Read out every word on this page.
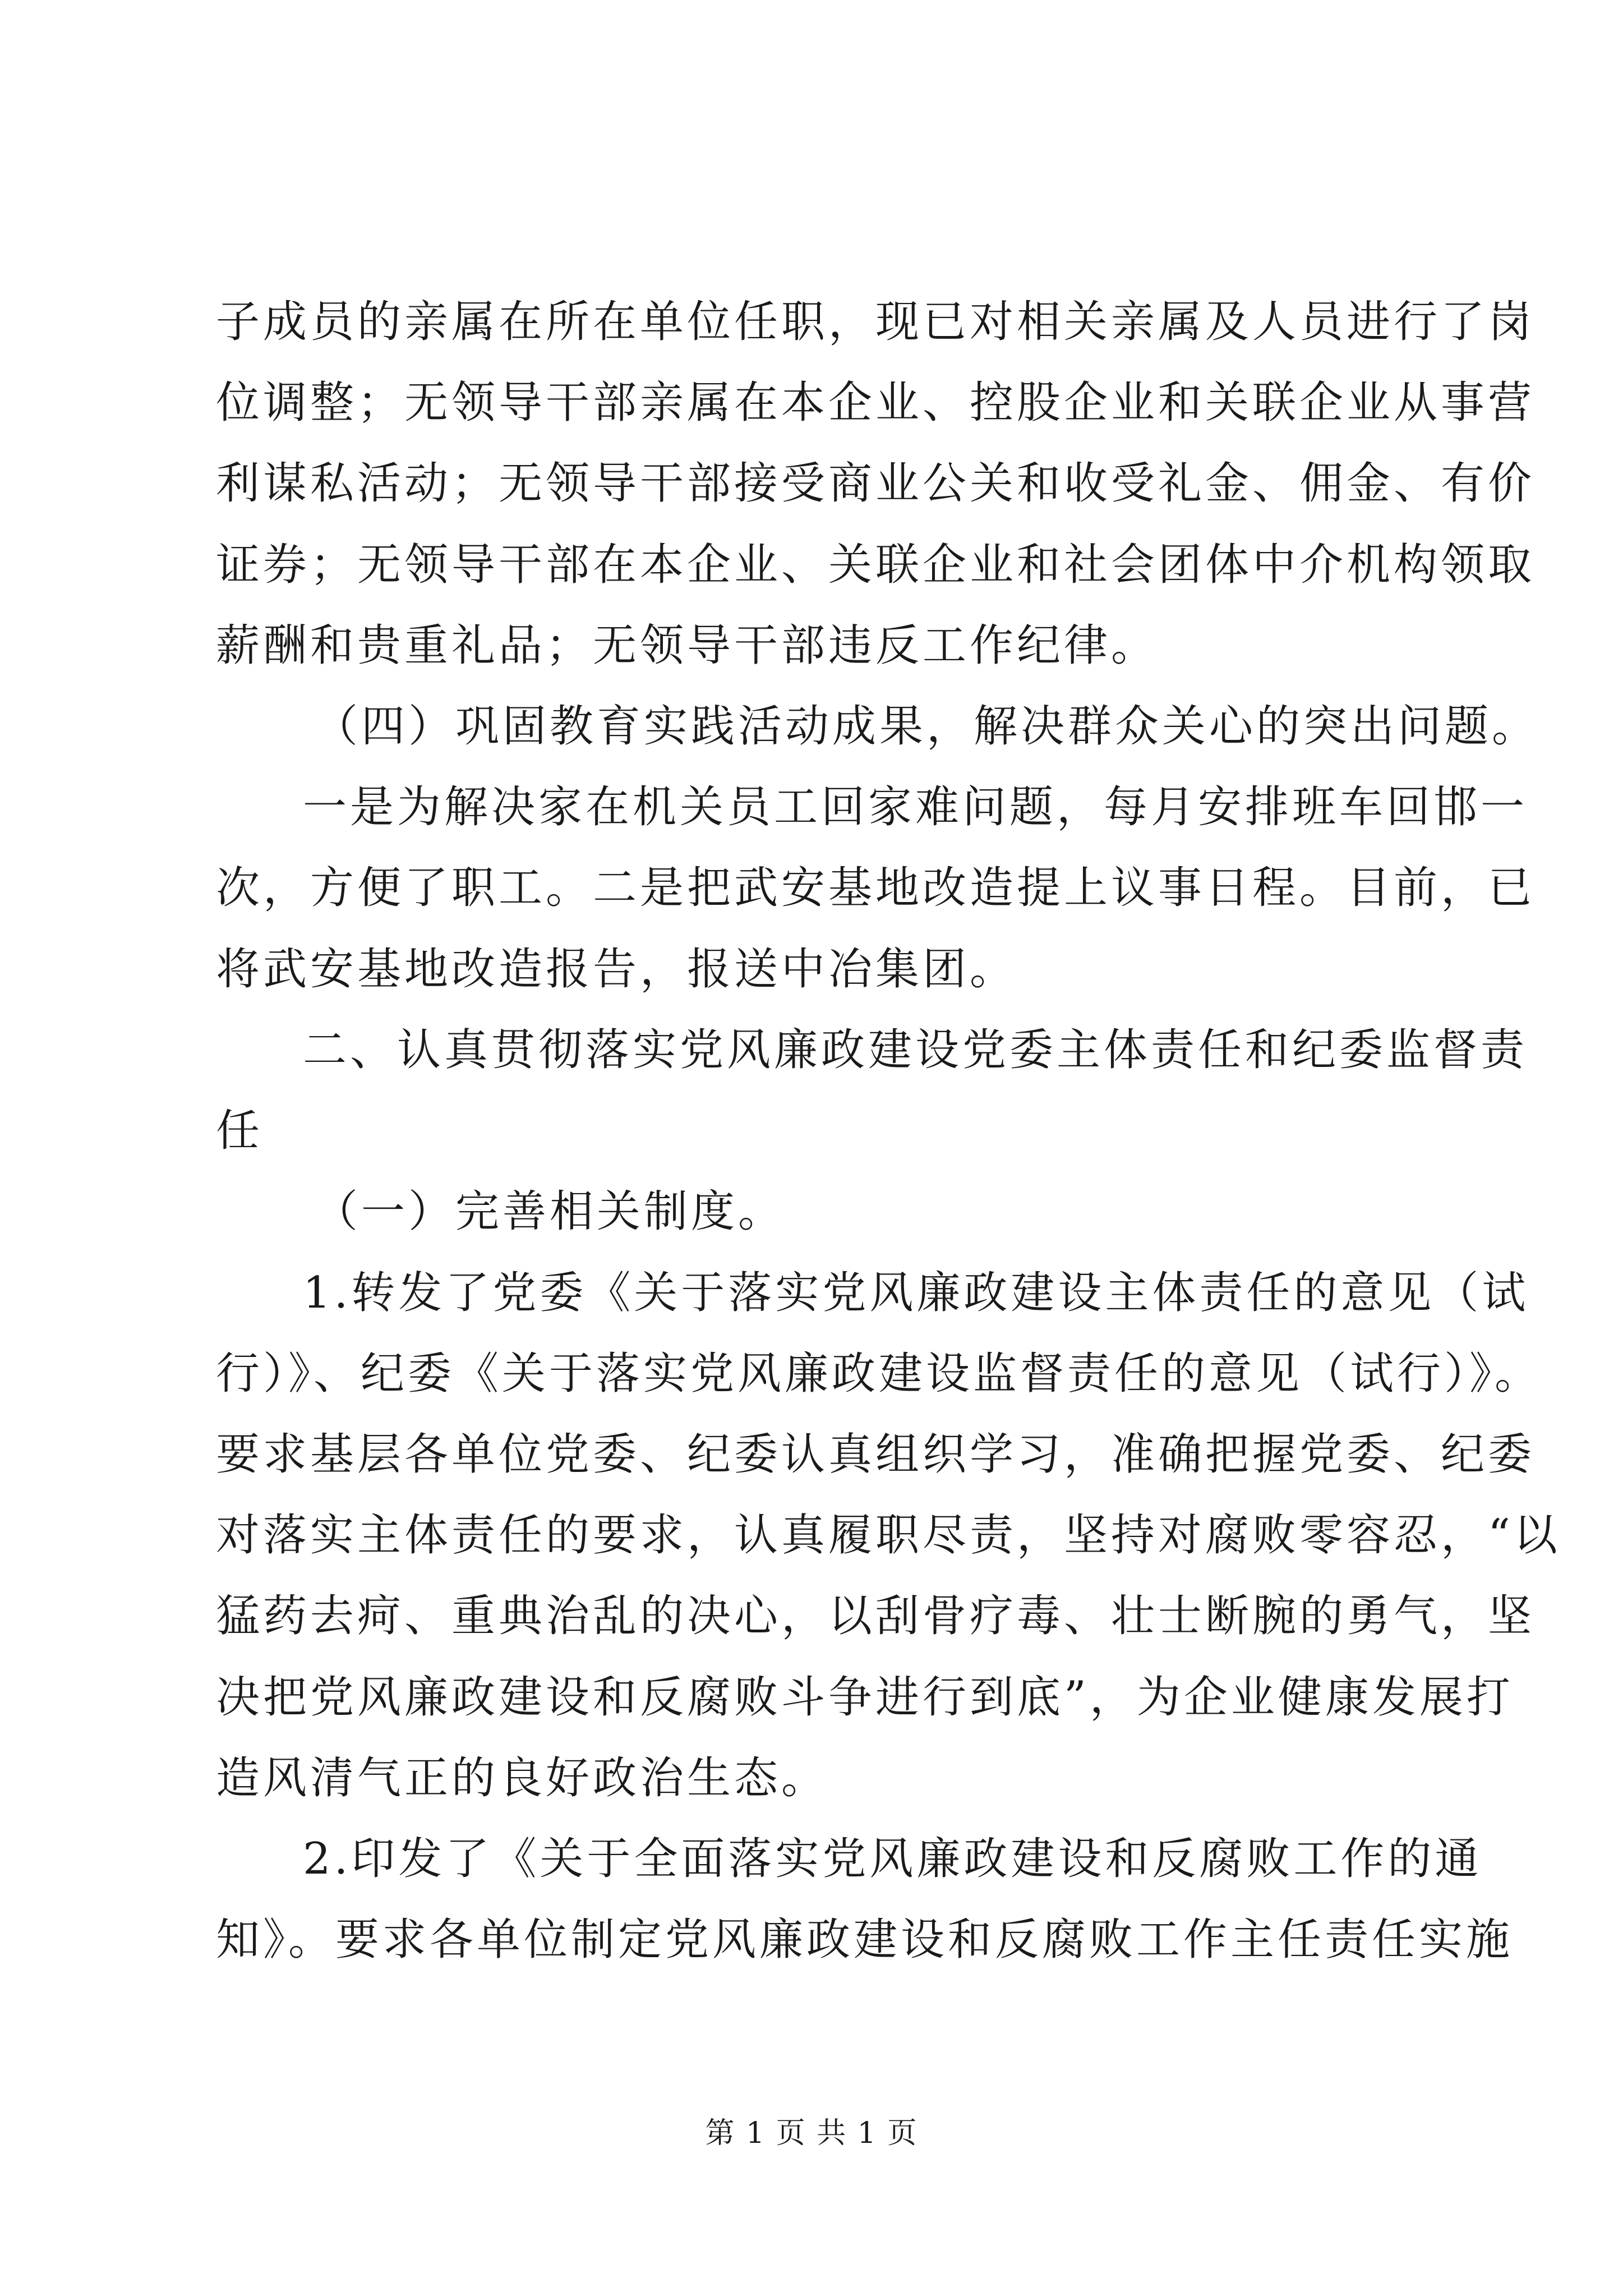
子成员的亲属在所在单位任职，现已对相关亲属及人员进行了岗
位调整；无领导干部亲属在本企业、控股企业和关联企业从事营
利谋私活动；无领导干部接受商业公关和收受礼金、佣金、有价
证券；无领导干部在本企业、关联企业和社会团体中介机构领取
薪酬和贵重礼品；无领导干部违反工作纪律。
（四）巩固教育实践活动成果，解决群众关心的突出问题。
一是为解决家在机关员工回家难问题，每月安排班车回邯一
次，方便了职工。二是把武安基地改造提上议事日程。目前，已
将武安基地改造报告，报送中冶集团。
二、认真贯彻落实党风廉政建设党委主体责任和纪委监督责
任
（一）完善相关制度。
1.转发了党委《关于落实党风廉政建设主体责任的意见（试
行）》、纪委《关于落实党风廉政建设监督责任的意见（试行）》。
要求基层各单位党委、纪委认真组织学习，准确把握党委、纪委
对落实主体责任的要求，认真履职尽责，坚持对腐败零容忍，“以
猛药去疴、重典治乱的决心，以刮骨疗毒、壮士断腕的勇气，坚
决把党风廉政建设和反腐败斗争进行到底”，为企业健康发展打
造风清气正的良好政治生态。
2.印发了《关于全面落实党风廉政建设和反腐败工作的通
知》。要求各单位制定党风廉政建设和反腐败工作主任责任实施
第 1 页 共 1 页
